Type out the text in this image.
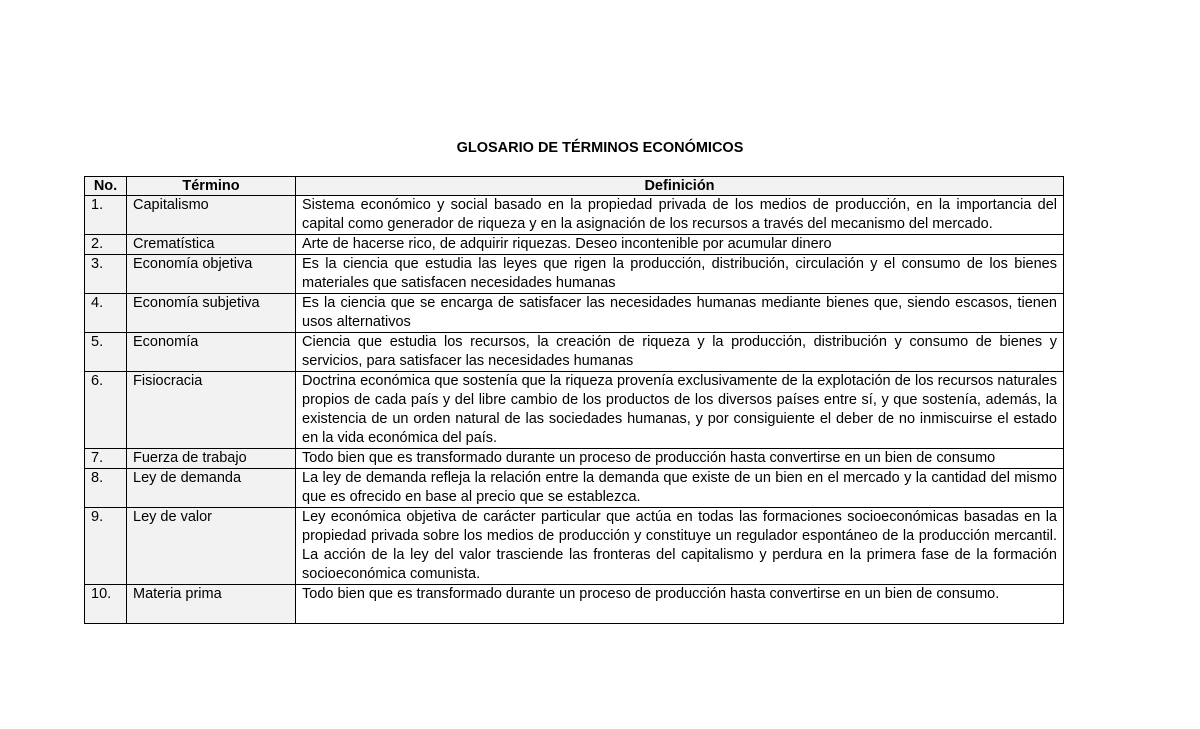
GLOSARIO DE TÉRMINOS ECONÓMICOS
No.	Término	Definición
1.	Capitalismo	Sistema económico y social basado en la propiedad privada de los medios de producción, en la importancia del capital como generador de riqueza y en la asignación de los recursos a través del mecanismo del mercado.
2.	Crematística	Arte de hacerse rico, de adquirir riquezas. Deseo incontenible por acumular dinero
3.	Economía objetiva	Es la ciencia que estudia las leyes que rigen la producción, distribución, circulación y el consumo de los bienes materiales que satisfacen necesidades humanas
4.	Economía subjetiva	Es la ciencia que se encarga de satisfacer las necesidades humanas mediante bienes que, siendo escasos, tienen usos alternativos
5.	Economía	Ciencia que estudia los recursos, la creación de riqueza y la producción, distribución y consumo de bienes y servicios, para satisfacer las necesidades humanas
6.	Fisiocracia	Doctrina económica que sostenía que la riqueza provenía exclusivamente de la explotación de los recursos naturales propios de cada país y del libre cambio de los productos de los diversos países entre sí, y que sostenía, además, la existencia de un orden natural de las sociedades humanas, y por consiguiente el deber de no inmiscuirse el estado en la vida económica del país.
7.	Fuerza de trabajo	Todo bien que es transformado durante un proceso de producción hasta convertirse en un bien de consumo
8.	Ley de demanda	La ley de demanda refleja la relación entre la demanda que existe de un bien en el mercado y la cantidad del mismo que es ofrecido en base al precio que se establezca.
9.	Ley de valor	Ley económica objetiva de carácter particular que actúa en todas las formaciones socioeconómicas basadas en la propiedad privada sobre los medios de producción y constituye un regulador espontáneo de la producción mercantil. La acción de la ley del valor trasciende las fronteras del capitalismo y perdura en la primera fase de la formación socioeconómica comunista.
10.	Materia prima	Todo bien que es transformado durante un proceso de producción hasta convertirse en un bien de consumo.
